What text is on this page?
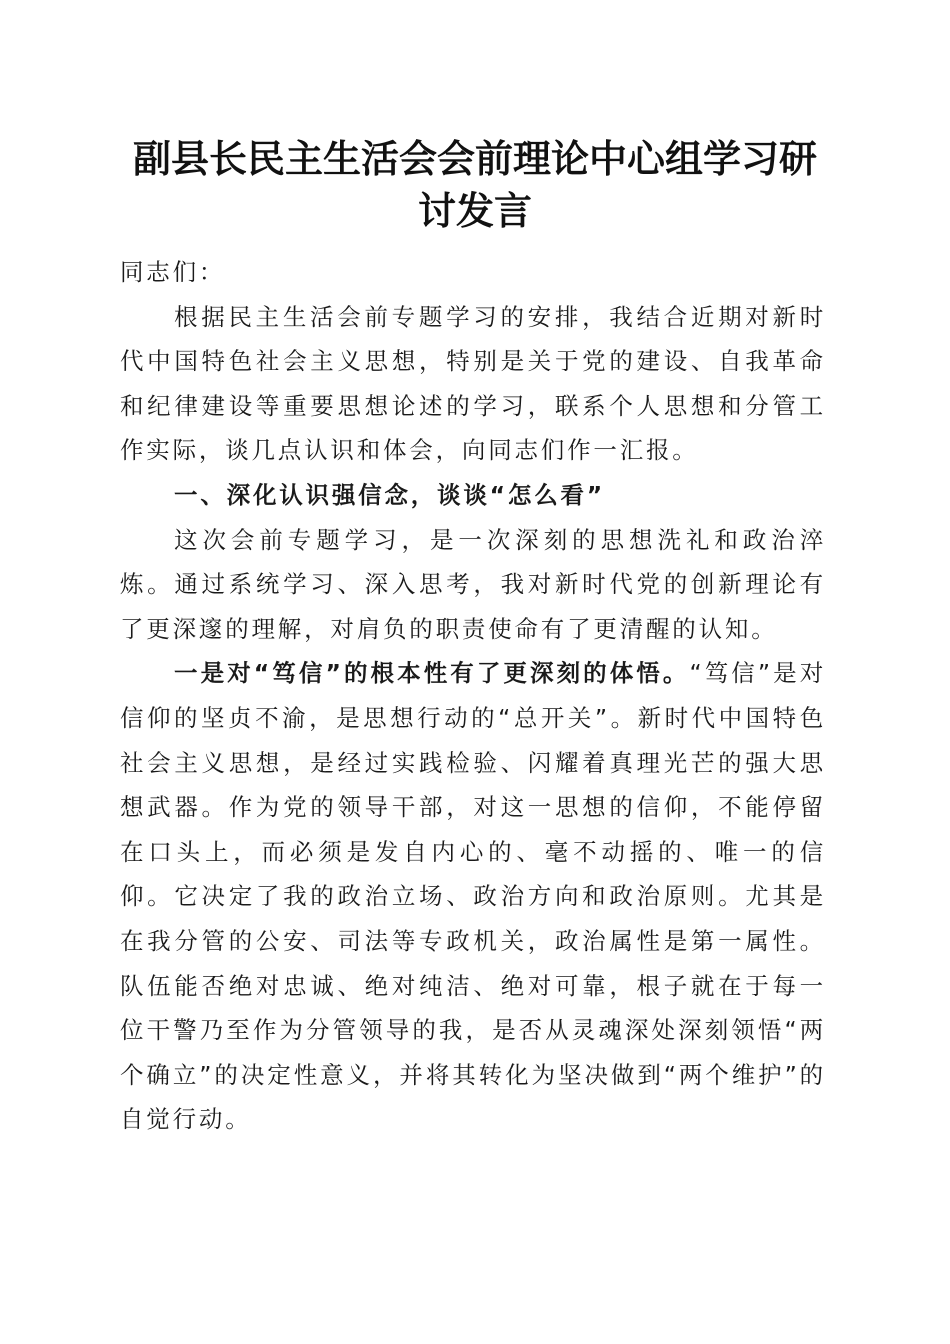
副县长民主生活会会前理论中心组学习研讨发言

同志们：

根据民主生活会前专题学习的安排，我结合近期对新时代中国特色社会主义思想，特别是关于党的建设、自我革命和纪律建设等重要思想论述的学习，联系个人思想和分管工作实际，谈几点认识和体会，向同志们作一汇报。

一、深化认识强信念，谈谈“怎么看”

这次会前专题学习，是一次深刻的思想洗礼和政治淬炼。通过系统学习、深入思考，我对新时代党的创新理论有了更深邃的理解，对肩负的职责使命有了更清醒的认知。

一是对“笃信”的根本性有了更深刻的体悟。“笃信”是对信仰的坚贞不渝，是思想行动的“总开关”。新时代中国特色社会主义思想，是经过实践检验、闪耀着真理光芒的强大思想武器。作为党的领导干部，对这一思想的信仰，不能停留在口头上，而必须是发自内心的、毫不动摇的、唯一的信仰。它决定了我的政治立场、政治方向和政治原则。尤其是在我分管的公安、司法等专政机关，政治属性是第一属性。队伍能否绝对忠诚、绝对纯洁、绝对可靠，根子就在于每一位干警乃至作为分管领导的我，是否从灵魂深处深刻领悟“两个确立”的决定性意义，并将其转化为坚决做到“两个维护”的自觉行动。
